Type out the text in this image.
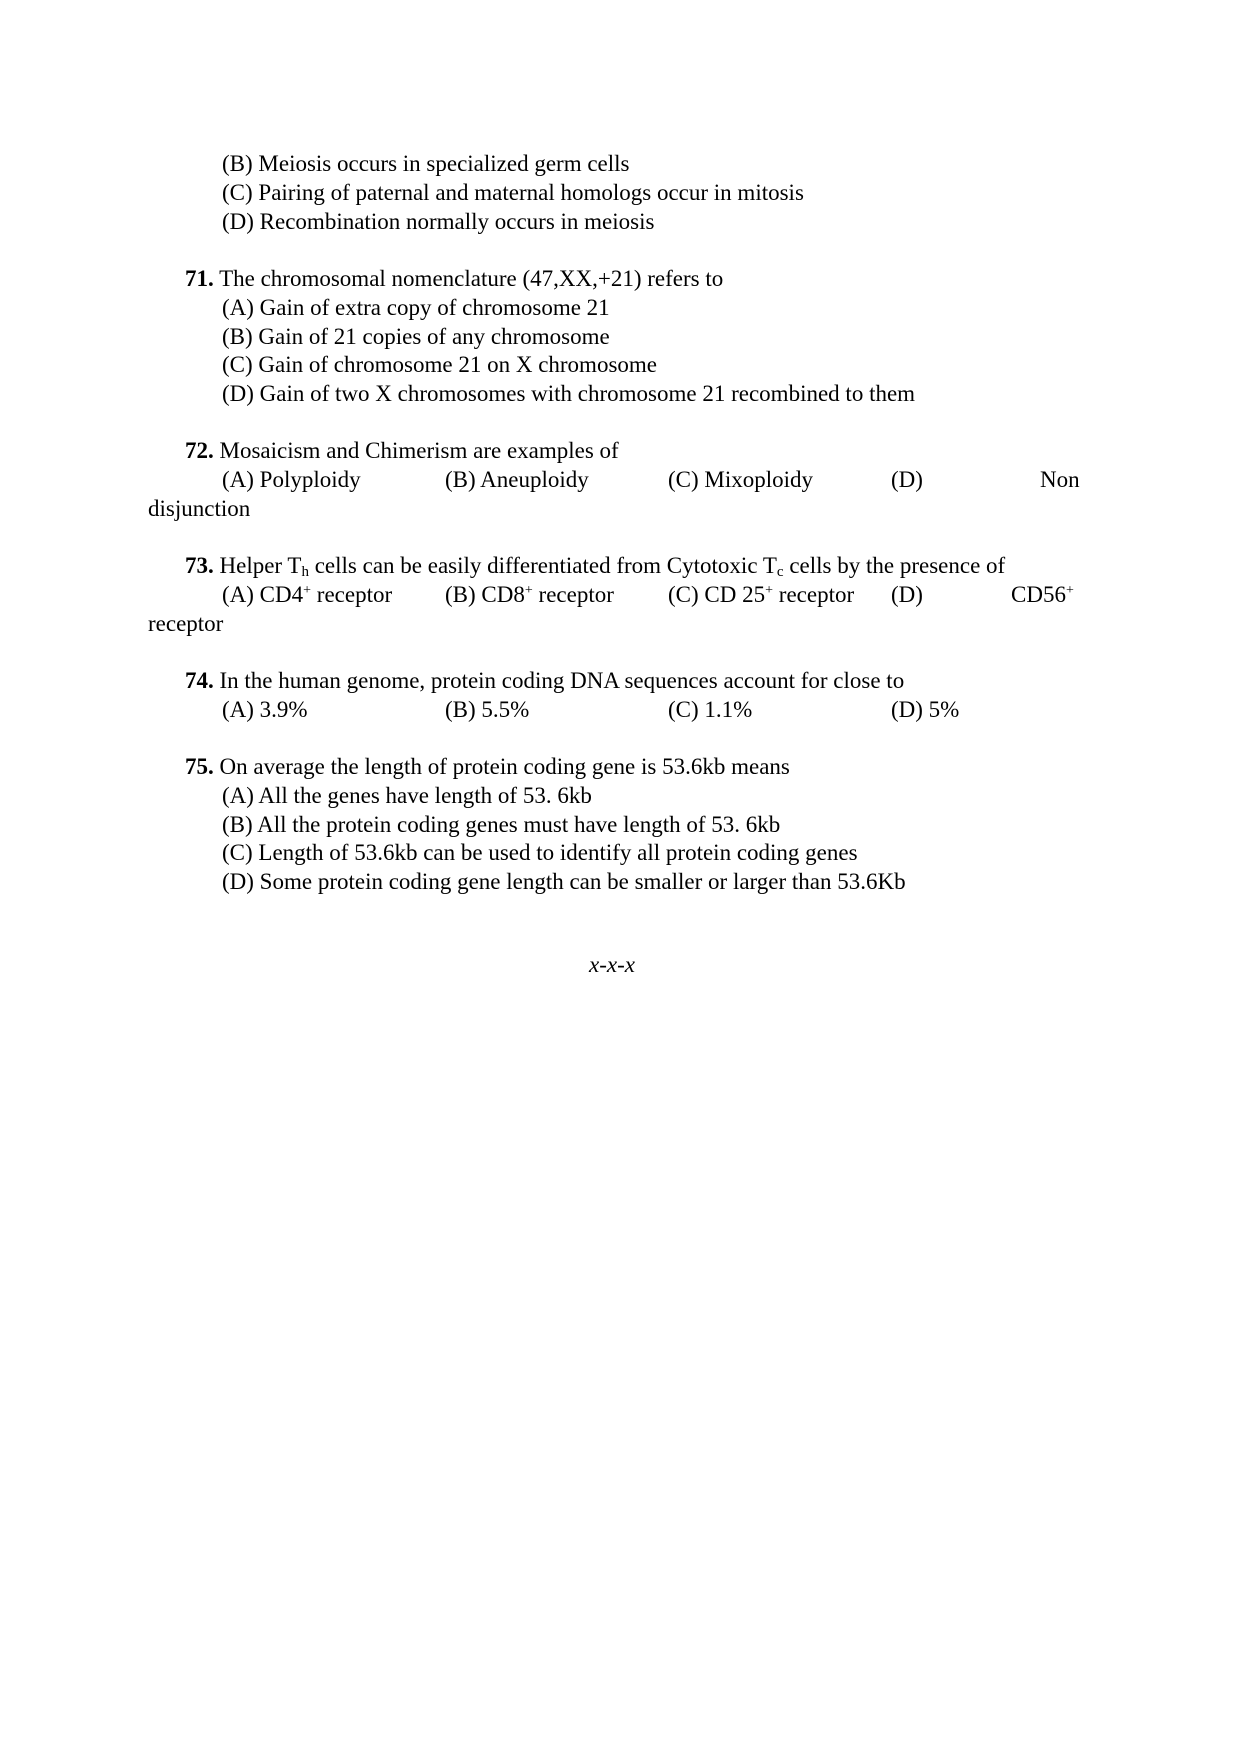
(B) Meiosis occurs in specialized germ cells
(C) Pairing of paternal and maternal homologs occur in mitosis
(D) Recombination normally occurs in meiosis
71. The chromosomal nomenclature (47,XX,+21) refers to
(A) Gain of extra copy of chromosome 21
(B) Gain of 21 copies of any chromosome
(C) Gain of chromosome 21 on X chromosome
(D) Gain of two X chromosomes with chromosome 21 recombined to them
72. Mosaicism and Chimerism are examples of
(A) Polyploidy	(B) Aneuploidy	(C) Mixoploidy	(D)	Non
disjunction
73. Helper $T_h$ cells can be easily differentiated from Cytotoxic $T_c$ cells by the presence of
(A) CD4+ receptor (B) CD8+ receptor (C) CD 25+ receptor (D)	CD56+
receptor
74. In the human genome, protein coding DNA sequences account for close to
(A) 3.9%	(B) 5.5%	(C) 1.1%	(D) 5%
75. On average the length of protein coding gene is 53.6kb means
(A) All the genes have length of 53. 6kb
(B) All the protein coding genes must have length of 53. 6kb
(C) Length of 53.6kb can be used to identify all protein coding genes
(D) Some protein coding gene length can be smaller or larger than 53.6Kb
x-x-x
